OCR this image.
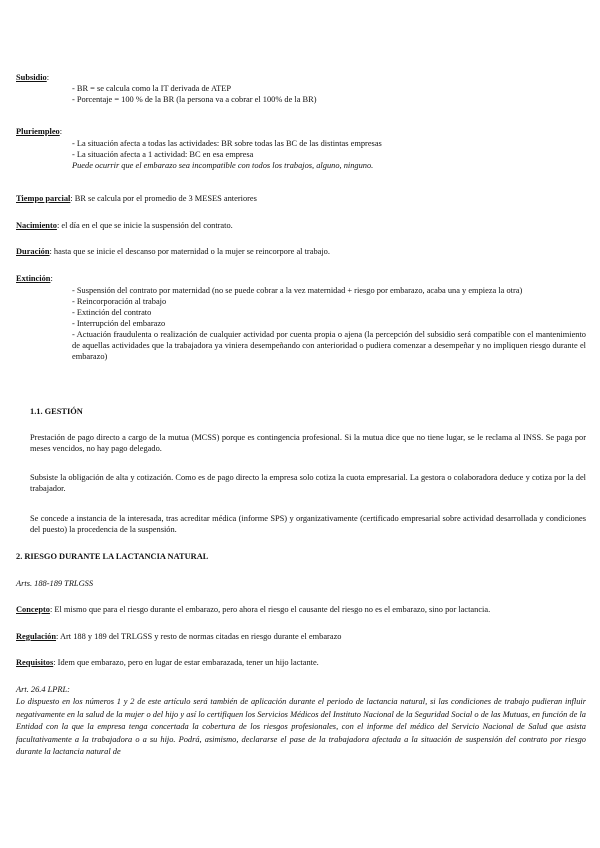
Subsidio:
- BR = se calcula como la IT derivada de ATEP
- Porcentaje = 100 % de la BR (la persona va a cobrar el 100% de la BR)
Pluriempleo:
- La situación afecta a todas las actividades: BR sobre todas las BC de las distintas empresas
- La situación afecta a 1 actividad: BC en esa empresa
Puede ocurrir que el embarazo sea incompatible con todos los trabajos, alguno, ninguno.
Tiempo parcial: BR se calcula por el promedio de 3 MESES anteriores
Nacimiento: el día en el que se inicie la suspensión del contrato.
Duración: hasta que se inicie el descanso por maternidad o la mujer se reincorpore al trabajo.
Extinción:
- Suspensión del contrato por maternidad (no se puede cobrar a la vez maternidad + riesgo por embarazo, acaba una y empieza la otra)
- Reincorporación al trabajo
- Extinción del contrato
- Interrupción del embarazo
- Actuación fraudulenta o realización de cualquier actividad por cuenta propia o ajena (la percepción del subsidio será compatible con el mantenimiento de aquellas actividades que la trabajadora ya viniera desempeñando con anterioridad o pudiera comenzar a desempeñar y no impliquen riesgo durante el embarazo)
1.1. GESTIÓN
Prestación de pago directo a cargo de la mutua (MCSS) porque es contingencia profesional. Si la mutua dice que no tiene lugar, se le reclama al INSS. Se paga por meses vencidos, no hay pago delegado.
Subsiste la obligación de alta y cotización. Como es de pago directo la empresa solo cotiza la cuota empresarial. La gestora o colaboradora deduce y cotiza por la del trabajador.
Se concede a instancia de la interesada, tras acreditar médica (informe SPS) y organizativamente (certificado empresarial sobre actividad desarrollada y condiciones del puesto) la procedencia de la suspensión.
2. RIESGO DURANTE LA LACTANCIA NATURAL
Arts. 188-189 TRLGSS
Concepto: El mismo que para el riesgo durante el embarazo, pero ahora el riesgo el causante del riesgo no es el embarazo, sino por lactancia.
Regulación: Art 188 y 189 del TRLGSS y resto de normas citadas en riesgo durante el embarazo
Requisitos: Idem que embarazo, pero en lugar de estar embarazada, tener un hijo lactante.
Art. 26.4 LPRL:
Lo dispuesto en los números 1 y 2 de este artículo será también de aplicación durante el periodo de lactancia natural, si las condiciones de trabajo pudieran influir negativamente en la salud de la mujer o del hijo y así lo certifiquen los Servicios Médicos del Instituto Nacional de la Seguridad Social o de las Mutuas, en función de la Entidad con la que la empresa tenga concertada la cobertura de los riesgos profesionales, con el informe del médico del Servicio Nacional de Salud que asista facultativamente a la trabajadora o a su hijo. Podrá, asimismo, declararse el pase de la trabajadora afectada a la situación de suspensión del contrato por riesgo durante la lactancia natural de
